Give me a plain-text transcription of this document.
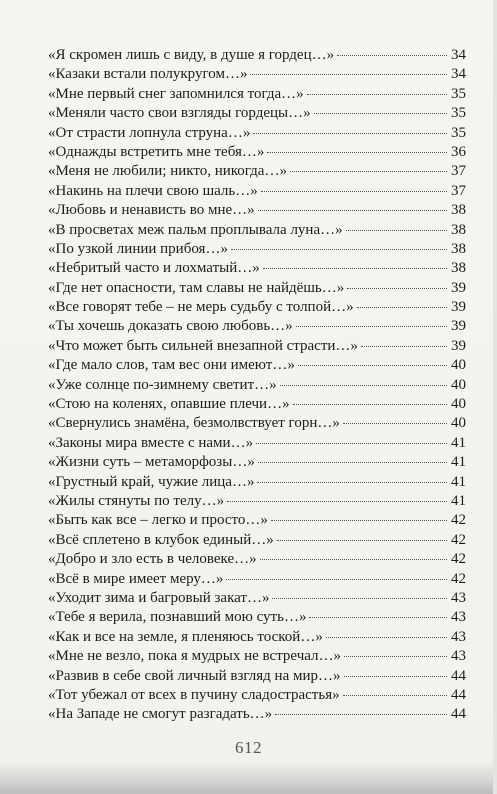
«Я скромен лишь с виду, в душе я гордец…»	34
«Казаки встали полукругом…»	34
«Мне первый снег запомнился тогда…»	35
«Меняли часто свои взгляды гордецы…»	35
«От страсти лопнула струна…»	35
«Однажды встретить мне тебя…»	36
«Меня не любили; никто, никогда…»	37
«Накинь на плечи свою шаль…»	37
«Любовь и ненависть во мне…»	38
«В просветах меж пальм проплывала луна…»	38
«По узкой линии прибоя…»	38
«Небритый часто и лохматый…»	38
«Где нет опасности, там славы не найдёшь…»	39
«Все говорят тебе – не мерь судьбу с толпой…»	39
«Ты хочешь доказать свою любовь…»	39
«Что может быть сильней внезапной страсти…»	39
«Где мало слов, там вес они имеют…»	40
«Уже солнце по-зимнему светит…»	40
«Стою на коленях, опавшие плечи…»	40
«Свернулись знамёна, безмолвствует горн…»	40
«Законы мира вместе с нами…»	41
«Жизни суть – метаморфозы…»	41
«Грустный край, чужие лица…»	41
«Жилы стянуты по телу…»	41
«Быть как все – легко и просто…»	42
«Всё сплетено в клубок единый…»	42
«Добро и зло есть в человеке…»	42
«Всё в мире имеет меру…»	42
«Уходит зима и багровый закат…»	43
«Тебе я верила, познавший мою суть…»	43
«Как и все на земле, я пленяюсь тоской…»	43
«Мне не везло, пока я мудрых не встречал…»	43
«Развив в себе свой личный взгляд на мир…»	44
«Тот убежал от всех в пучину сладострастья»	44
«На Западе не смогут разгадать…»	44
612
